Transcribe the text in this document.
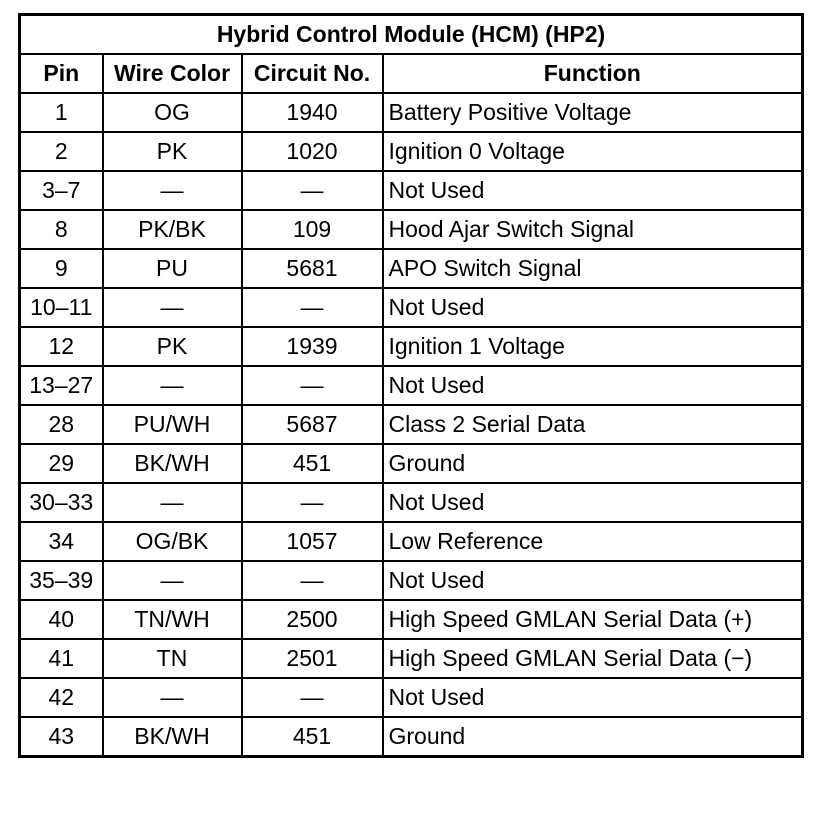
Hybrid Control Module (HCM) (HP2)			
Pin	Wire Color	Circuit No.	Function
1	OG	1940	Battery Positive Voltage
2	PK	1020	Ignition 0 Voltage
3–7	—	—	Not Used
8	PK/BK	109	Hood Ajar Switch Signal
9	PU	5681	APO Switch Signal
10–11	—	—	Not Used
12	PK	1939	Ignition 1 Voltage
13–27	—	—	Not Used
28	PU/WH	5687	Class 2 Serial Data
29	BK/WH	451	Ground
30–33	—	—	Not Used
34	OG/BK	1057	Low Reference
35–39	—	—	Not Used
40	TN/WH	2500	High Speed GMLAN Serial Data (+)
41	TN	2501	High Speed GMLAN Serial Data (−)
42	—	—	Not Used
43	BK/WH	451	Ground
